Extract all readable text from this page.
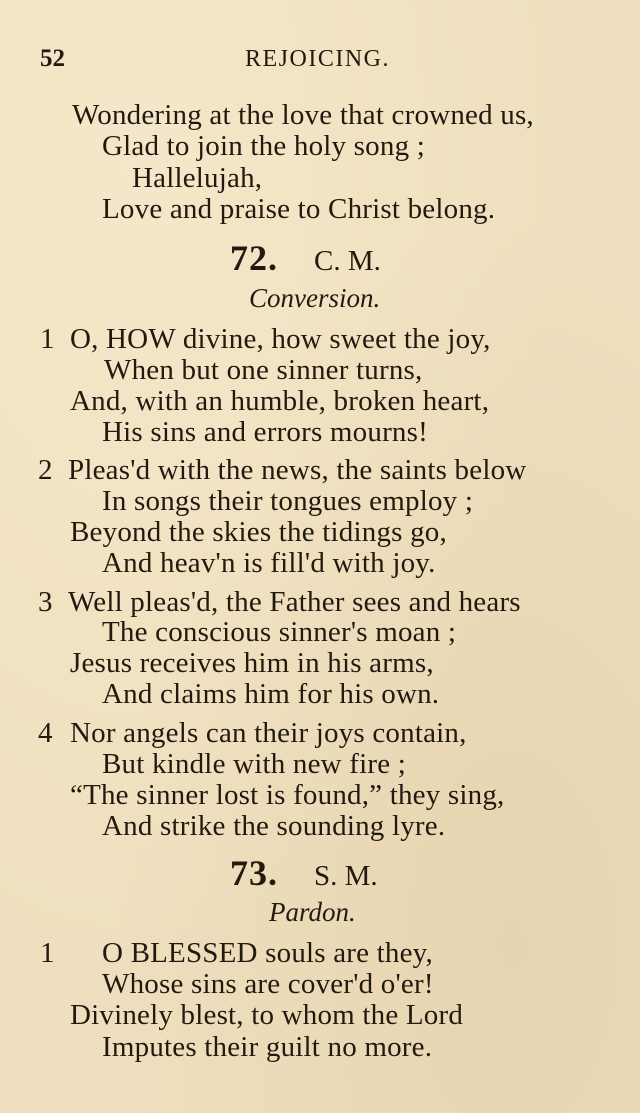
52	REJOICING.
Wondering at the love that crowned us,
Glad to join the holy song ;
Hallelujah,
Love and praise to Christ belong.
72. C. M.
Conversion.
1 O, HOW divine, how sweet the joy,
When but one sinner turns,
And, with an humble, broken heart,
His sins and errors mourns!
2 Pleas'd with the news, the saints below
In songs their tongues employ ;
Beyond the skies the tidings go,
And heav'n is fill'd with joy.
3 Well pleas'd, the Father sees and hears
The conscious sinner's moan ;
Jesus receives him in his arms,
And claims him for his own.
4 Nor angels can their joys contain,
But kindle with new fire ;
“The sinner lost is found,” they sing,
And strike the sounding lyre.
73. S. M.
Pardon.
1 O BLESSED souls are they,
Whose sins are cover'd o'er!
Divinely blest, to whom the Lord
Imputes their guilt no more.
